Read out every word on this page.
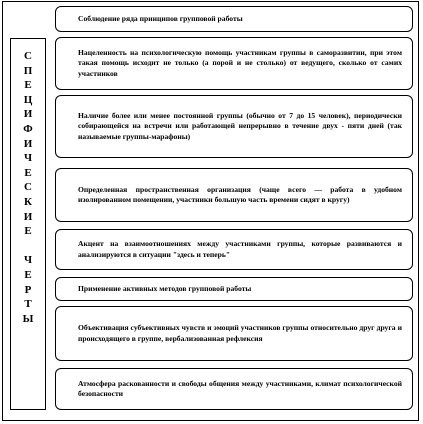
С
П
Е
Ц
И
Ф
И
Ч
Е
С
К
И
Е
Ч
Е
Р
Т
Ы

Соблюдение ряда принципов групповой работы

Нацеленность на психологическую помощь участникам группы в саморазвитии, при этом такая помощь исходит не только (а порой и не столько) от ведущего, сколько от самих участников

Наличие более или менее постоянной группы (обычно от 7 до 15 человек), периодически собирающейся на встречи или работающей непрерывно в течение двух - пяти дней (так называемые группы-марафоны)

Определенная пространственная организация (чаще всего — работа в удобном изолированном помещении, участники большую часть времени сидят в кругу)

Акцент на взаимоотношениях между участниками группы, которые развиваются и анализируются в ситуации "здесь и теперь"

Применение активных методов групповой работы

Объективация субъективных чувств и эмоций участников группы относительно друг друга и происходящего в группе, вербализованная рефлексия

Атмосфера раскованности и свободы общения между участниками, климат психологической безопасности
